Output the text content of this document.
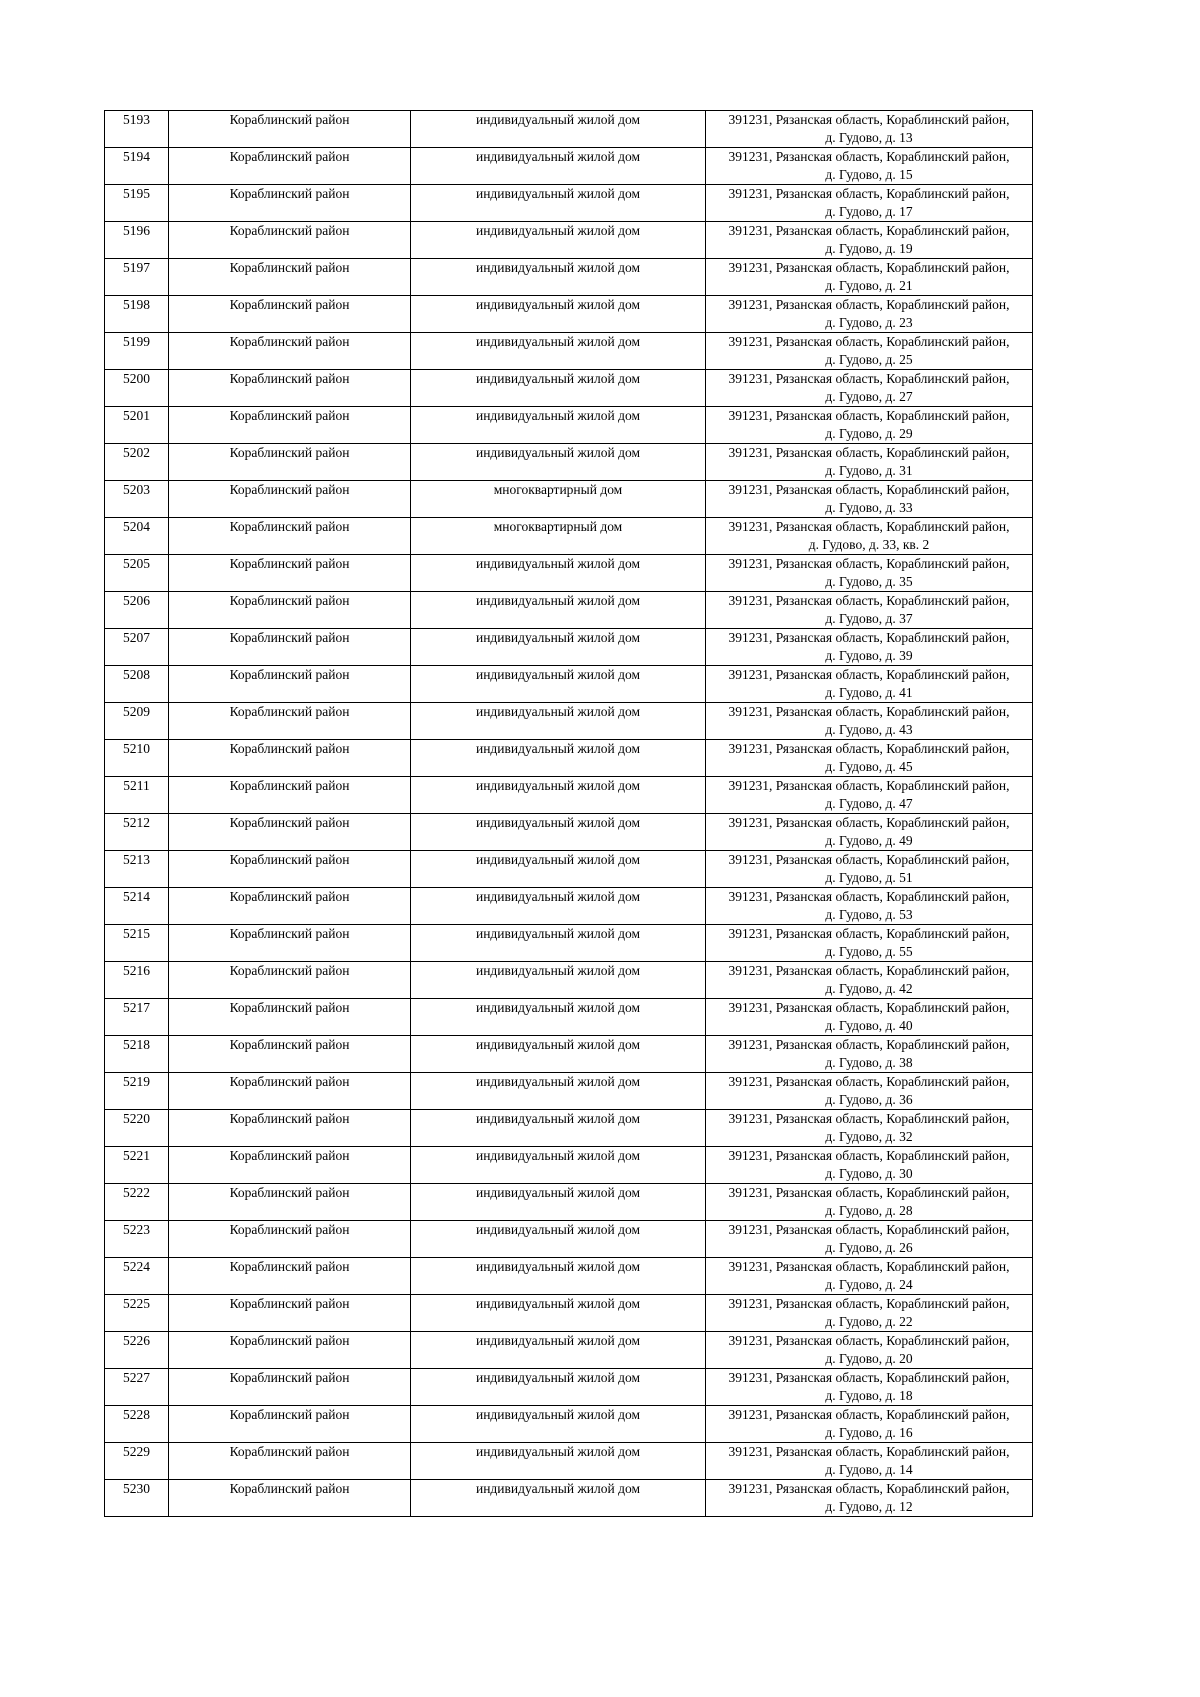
5193	Кораблинский район	индивидуальный жилой дом	391231, Рязанская область, Кораблинский район,
д. Гудово, д. 13

5194	Кораблинский район	индивидуальный жилой дом	391231, Рязанская область, Кораблинский район,
д. Гудово, д. 15

5195	Кораблинский район	индивидуальный жилой дом	391231, Рязанская область, Кораблинский район,
д. Гудово, д. 17

5196	Кораблинский район	индивидуальный жилой дом	391231, Рязанская область, Кораблинский район,
д. Гудово, д. 19

5197	Кораблинский район	индивидуальный жилой дом	391231, Рязанская область, Кораблинский район,
д. Гудово, д. 21

5198	Кораблинский район	индивидуальный жилой дом	391231, Рязанская область, Кораблинский район,
д. Гудово, д. 23

5199	Кораблинский район	индивидуальный жилой дом	391231, Рязанская область, Кораблинский район,
д. Гудово, д. 25

5200	Кораблинский район	индивидуальный жилой дом	391231, Рязанская область, Кораблинский район,
д. Гудово, д. 27

5201	Кораблинский район	индивидуальный жилой дом	391231, Рязанская область, Кораблинский район,
д. Гудово, д. 29

5202	Кораблинский район	индивидуальный жилой дом	391231, Рязанская область, Кораблинский район,
д. Гудово, д. 31

5203	Кораблинский район	многоквартирный дом	391231, Рязанская область, Кораблинский район,
д. Гудово, д. 33

5204	Кораблинский район	многоквартирный дом	391231, Рязанская область, Кораблинский район,
д. Гудово, д. 33, кв. 2

5205	Кораблинский район	индивидуальный жилой дом	391231, Рязанская область, Кораблинский район,
д. Гудово, д. 35

5206	Кораблинский район	индивидуальный жилой дом	391231, Рязанская область, Кораблинский район,
д. Гудово, д. 37

5207	Кораблинский район	индивидуальный жилой дом	391231, Рязанская область, Кораблинский район,
д. Гудово, д. 39

5208	Кораблинский район	индивидуальный жилой дом	391231, Рязанская область, Кораблинский район,
д. Гудово, д. 41

5209	Кораблинский район	индивидуальный жилой дом	391231, Рязанская область, Кораблинский район,
д. Гудово, д. 43

5210	Кораблинский район	индивидуальный жилой дом	391231, Рязанская область, Кораблинский район,
д. Гудово, д. 45

5211	Кораблинский район	индивидуальный жилой дом	391231, Рязанская область, Кораблинский район,
д. Гудово, д. 47

5212	Кораблинский район	индивидуальный жилой дом	391231, Рязанская область, Кораблинский район,
д. Гудово, д. 49

5213	Кораблинский район	индивидуальный жилой дом	391231, Рязанская область, Кораблинский район,
д. Гудово, д. 51

5214	Кораблинский район	индивидуальный жилой дом	391231, Рязанская область, Кораблинский район,
д. Гудово, д. 53

5215	Кораблинский район	индивидуальный жилой дом	391231, Рязанская область, Кораблинский район,
д. Гудово, д. 55

5216	Кораблинский район	индивидуальный жилой дом	391231, Рязанская область, Кораблинский район,
д. Гудово, д. 42

5217	Кораблинский район	индивидуальный жилой дом	391231, Рязанская область, Кораблинский район,
д. Гудово, д. 40

5218	Кораблинский район	индивидуальный жилой дом	391231, Рязанская область, Кораблинский район,
д. Гудово, д. 38

5219	Кораблинский район	индивидуальный жилой дом	391231, Рязанская область, Кораблинский район,
д. Гудово, д. 36

5220	Кораблинский район	индивидуальный жилой дом	391231, Рязанская область, Кораблинский район,
д. Гудово, д. 32

5221	Кораблинский район	индивидуальный жилой дом	391231, Рязанская область, Кораблинский район,
д. Гудово, д. 30

5222	Кораблинский район	индивидуальный жилой дом	391231, Рязанская область, Кораблинский район,
д. Гудово, д. 28

5223	Кораблинский район	индивидуальный жилой дом	391231, Рязанская область, Кораблинский район,
д. Гудово, д. 26

5224	Кораблинский район	индивидуальный жилой дом	391231, Рязанская область, Кораблинский район,
д. Гудово, д. 24

5225	Кораблинский район	индивидуальный жилой дом	391231, Рязанская область, Кораблинский район,
д. Гудово, д. 22

5226	Кораблинский район	индивидуальный жилой дом	391231, Рязанская область, Кораблинский район,
д. Гудово, д. 20

5227	Кораблинский район	индивидуальный жилой дом	391231, Рязанская область, Кораблинский район,
д. Гудово, д. 18

5228	Кораблинский район	индивидуальный жилой дом	391231, Рязанская область, Кораблинский район,
д. Гудово, д. 16

5229	Кораблинский район	индивидуальный жилой дом	391231, Рязанская область, Кораблинский район,
д. Гудово, д. 14

5230	Кораблинский район	индивидуальный жилой дом	391231, Рязанская область, Кораблинский район,
д. Гудово, д. 12
